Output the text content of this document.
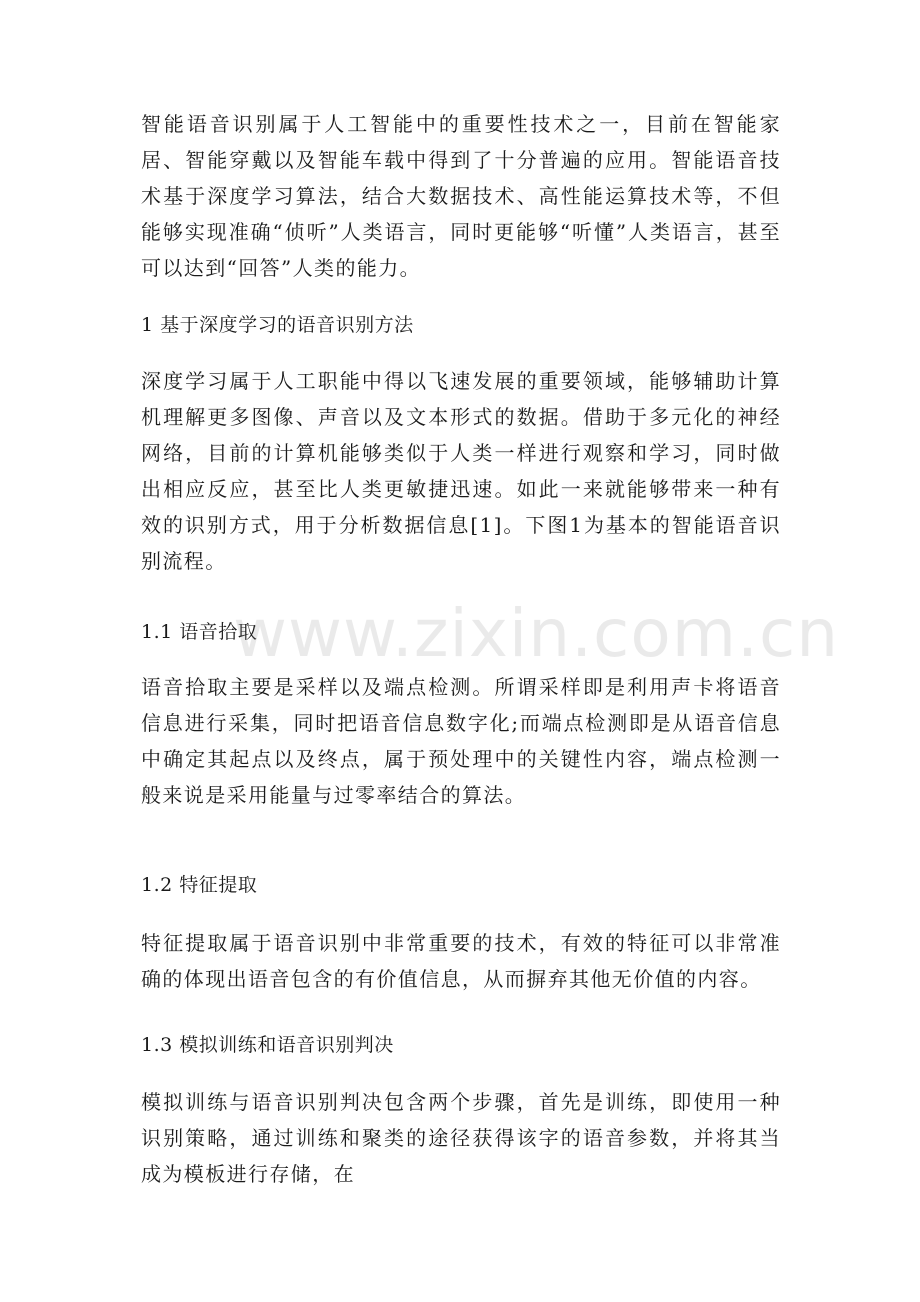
智能语音识别属于人工智能中的重要性技术之一，目前在智能家居、智能穿戴以及智能车载中得到了十分普遍的应用。智能语音技术基于深度学习算法，结合大数据技术、高性能运算技术等，不但能够实现准确“侦听”人类语言，同时更能够“听懂”人类语言，甚至可以达到“回答”人类的能力。

1 基于深度学习的语音识别方法

深度学习属于人工职能中得以飞速发展的重要领域，能够辅助计算机理解更多图像、声音以及文本形式的数据。借助于多元化的神经网络，目前的计算机能够类似于人类一样进行观察和学习，同时做出相应反应，甚至比人类更敏捷迅速。如此一来就能够带来一种有效的识别方式，用于分析数据信息[1]。下图1为基本的智能语音识别流程。

1.1 语音拾取

语音拾取主要是采样以及端点检测。所谓采样即是利用声卡将语音信息进行采集，同时把语音信息数字化;而端点检测即是从语音信息中确定其起点以及终点，属于预处理中的关键性内容，端点检测一般来说是采用能量与过零率结合的算法。

1.2 特征提取

特征提取属于语音识别中非常重要的技术，有效的特征可以非常准确的体现出语音包含的有价值信息，从而摒弃其他无价值的内容。

1.3 模拟训练和语音识别判决

模拟训练与语音识别判决包含两个步骤，首先是训练，即使用一种识别策略，通过训练和聚类的途径获得该字的语音参数，并将其当成为模板进行存储，在

www.zixin.com.cn
